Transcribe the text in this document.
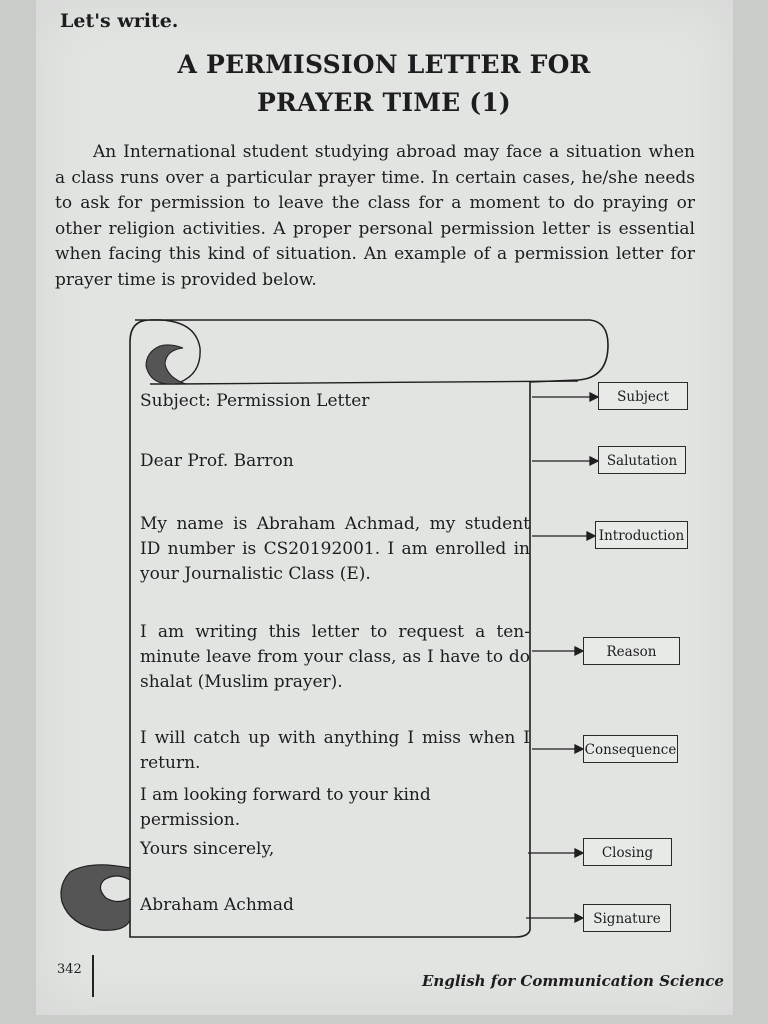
Let's write.
A PERMISSION LETTER FOR
PRAYER TIME (1)

An International student studying abroad may face a situation when a class runs over a particular prayer time. In certain cases, he/she needs to ask for permission to leave the class for a moment to do praying or other religion activities. A proper personal permission letter is essential when facing this kind of situation. An example of a permission letter for prayer time is provided below.

Subject: Permission Letter
Dear Prof. Barron
My name is Abraham Achmad, my student ID number is CS20192001. I am enrolled in your Journalistic Class (E).
I am writing this letter to request a ten-minute leave from your class, as I have to do shalat (Muslim prayer).
I will catch up with anything I miss when I return.
I am looking forward to your kind permission.
Yours sincerely,
Abraham Achmad
Subject
Salutation
Introduction
Reason
Consequence
Closing
Signature
342
English for Communication Science
